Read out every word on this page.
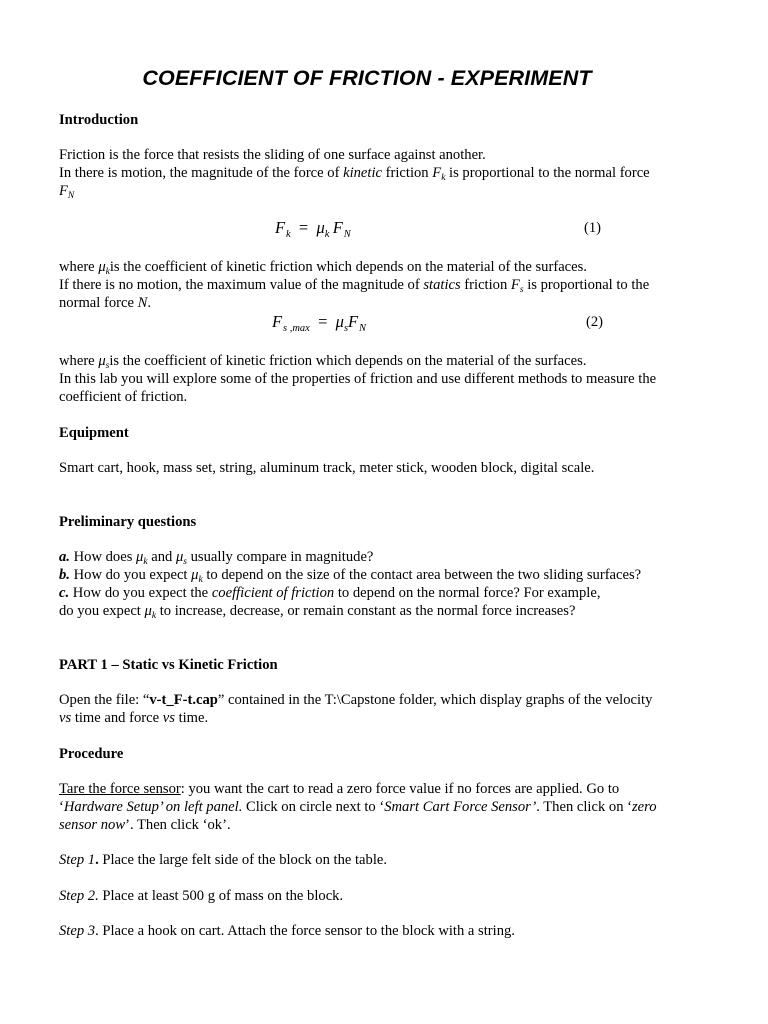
COEFFICIENT OF FRICTION - EXPERIMENT
Introduction
Friction is the force that resists the sliding of one surface against another.
In there is motion, the magnitude of the force of kinetic friction $F_k$ is proportional to the normal force
$F_N$
F $_k$  =  $\mu_k$  F $_N$	(1)
where $\mu_kis$ the coefficient of kinetic friction which depends on the material of the surfaces.
If there is no motion, the maximum value of the magnitude of statics friction $F_s$ is proportional to the
normal force N.
F $_{s ,max}$  =  $\mu_sF$ $_N$	(2)
where $\mu_sis$ the coefficient of kinetic friction which depends on the material of the surfaces.
In this lab you will explore some of the properties of friction and use different methods to measure the
coefficient of friction.
Equipment
Smart cart, hook, mass set, string, aluminum track, meter stick, wooden block, digital scale.
Preliminary questions
a. How does $\mu_k$ and $\mu_s$ usually compare in magnitude?
b. How do you expect $\mu_k$ to depend on the size of the contact area between the two sliding surfaces?
c. How do you expect the coefficient of friction to depend on the normal force? For example,
do you expect $\mu_k$ to increase, decrease, or remain constant as the normal force increases?
PART 1 – Static vs Kinetic Friction
Open the file: “v-t_F-t.cap” contained in the T:\Capstone folder, which display graphs of the velocity
vs time and force vs time.
Procedure
Tare the force sensor: you want the cart to read a zero force value if no forces are applied. Go to
‘Hardware Setup’ on left panel. Click on circle next to ‘Smart Cart Force Sensor’. Then click on ‘zero
sensor now’. Then click ‘ok’.
Step 1. Place the large felt side of the block on the table.
Step 2. Place at least 500 g of mass on the block.
Step 3. Place a hook on cart. Attach the force sensor to the block with a string.
